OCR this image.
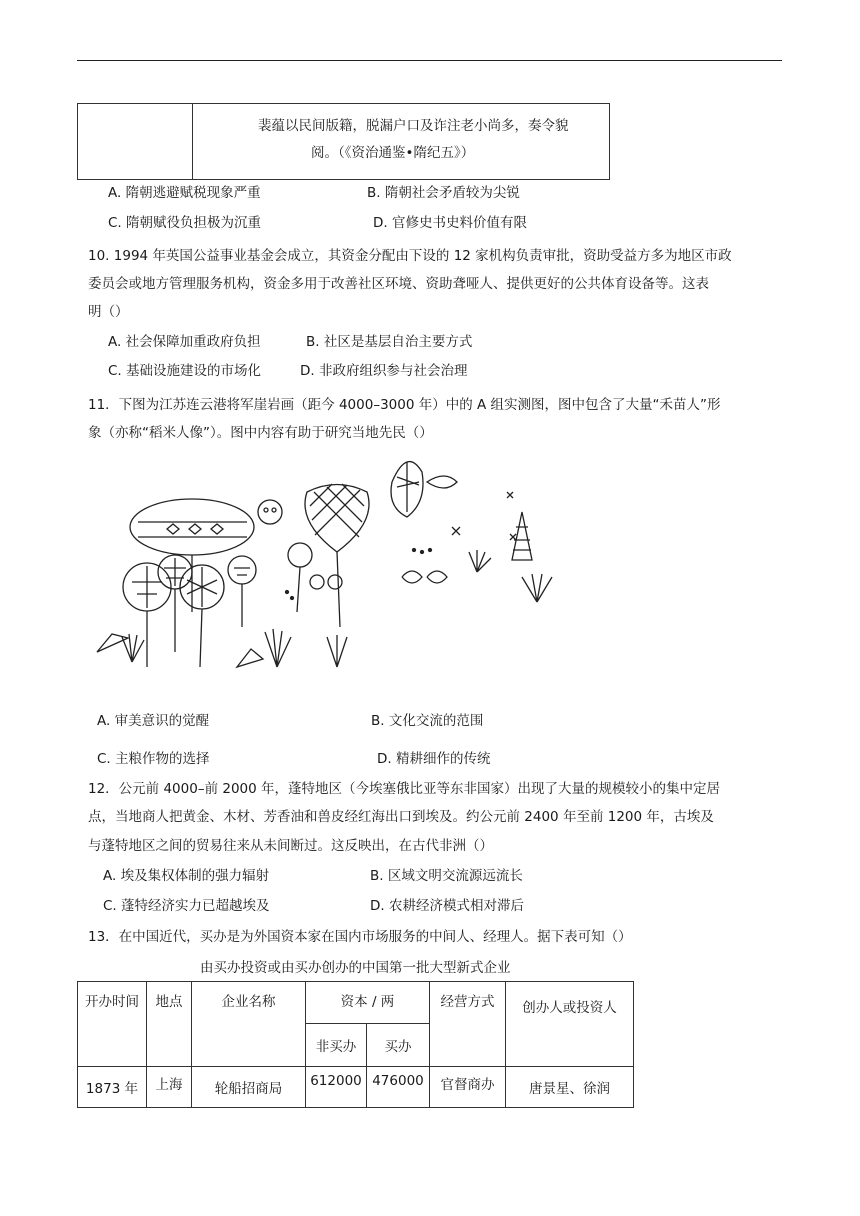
裴蕴以民间版籍，脱漏户口及诈注老小尚多，奏令貌
阅。（《资治通鉴•隋纪五》）
A. 隋朝逃避赋税现象严重	B. 隋朝社会矛盾较为尖锐
C. 隋朝赋役负担极为沉重	D. 官修史书史料价值有限
10. 1994 年英国公益事业基金会成立，其资金分配由下设的 12 家机构负责审批，资助受益方多为地区市政
委员会或地方管理服务机构，资金多用于改善社区环境、资助聋哑人、提供更好的公共体育设备等。这表
明（）
A. 社会保障加重政府负担	B. 社区是基层自治主要方式
C. 基础设施建设的市场化	D. 非政府组织参与社会治理
11．下图为江苏连云港将军崖岩画（距今 4000–3000 年）中的 A 组实测图，图中包含了大量“禾苗人”形
象（亦称“稻米人像”）。图中内容有助于研究当地先民（）
A. 审美意识的觉醒	B. 文化交流的范围
C. 主粮作物的选择	D. 精耕细作的传统
12．公元前 4000–前 2000 年，蓬特地区（今埃塞俄比亚等东非国家）出现了大量的规模较小的集中定居
点，当地商人把黄金、木材、芳香油和兽皮经红海出口到埃及。约公元前 2400 年至前 1200 年，古埃及
与蓬特地区之间的贸易往来从未间断过。这反映出，在古代非洲（）
A. 埃及集权体制的强力辐射	B. 区域文明交流源远流长
C. 蓬特经济实力已超越埃及	D. 农耕经济模式相对滞后
13．在中国近代，买办是为外国资本家在国内市场服务的中间人、经理人。据下表可知（）
由买办投资或由买办创办的中国第一批大型新式企业
开办时间	地点	企业名称	资本 / 两		经营方式	创办人或投资人
			非买办	买办		
1873 年	上海	轮船招商局	612000	476000	官督商办	唐景星、徐润
